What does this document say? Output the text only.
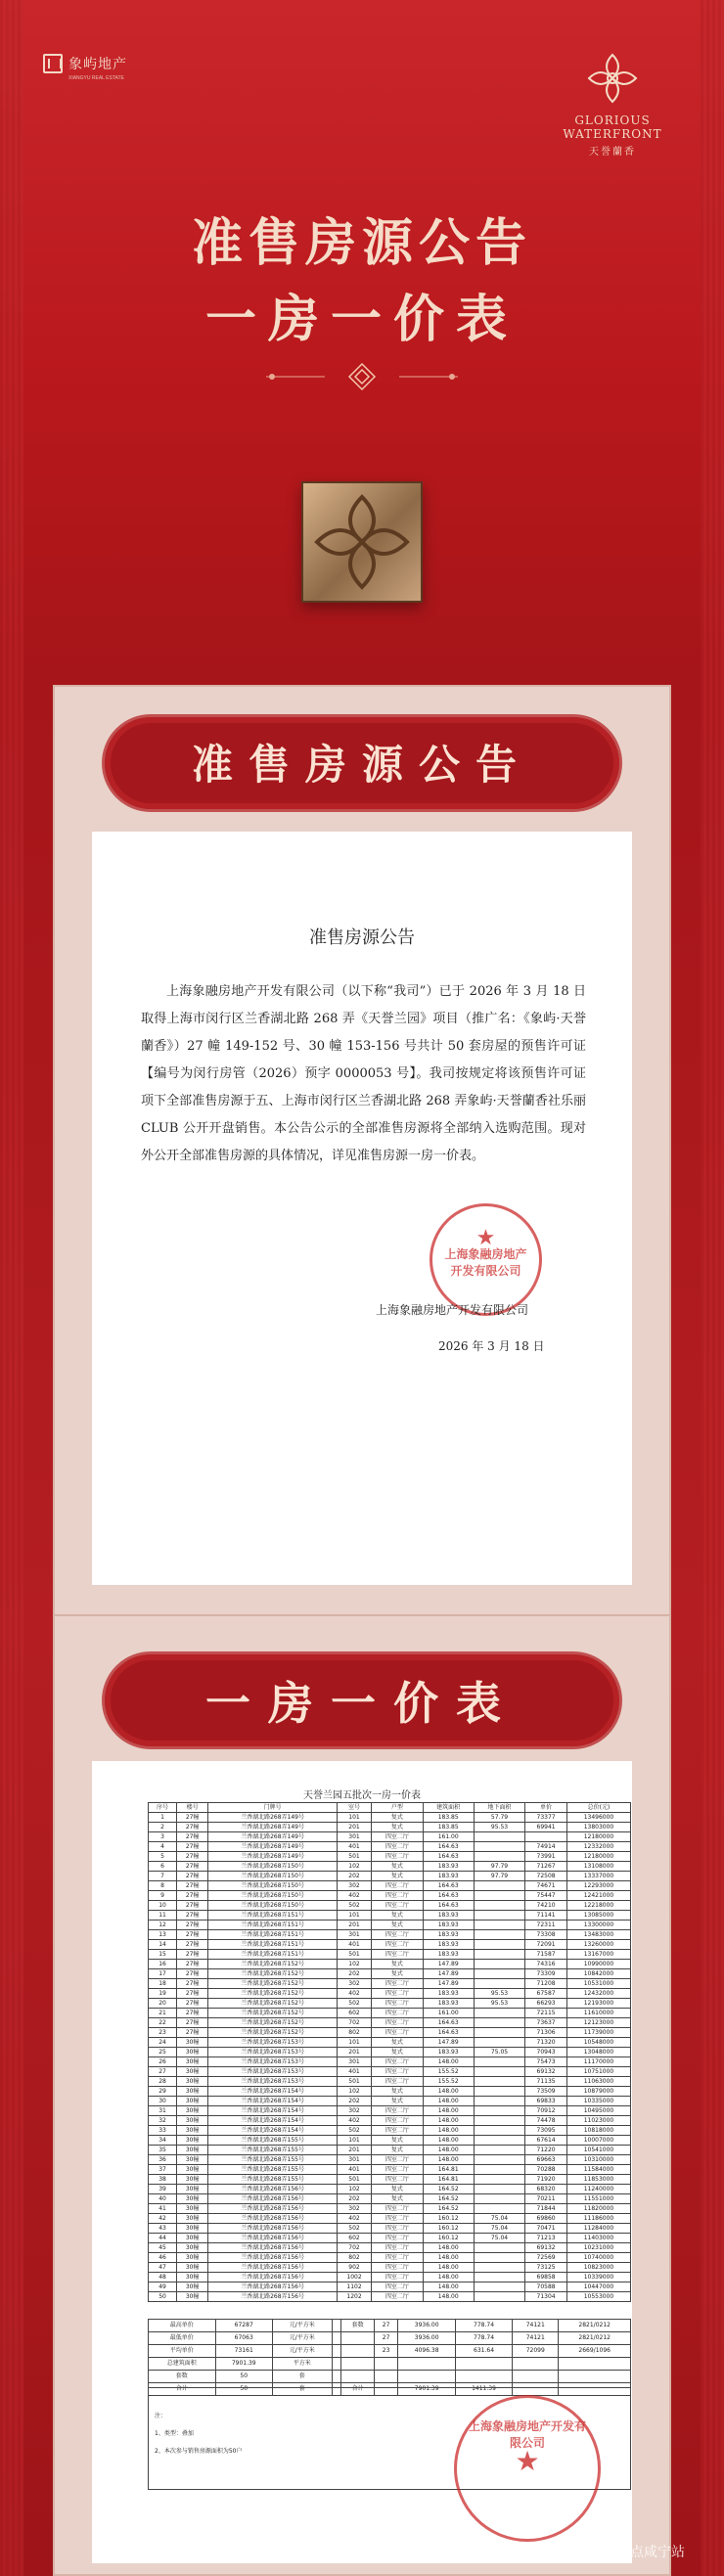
象屿地产
XIANGYU REAL ESTATE
GLORIOUS WATERFRONT
天誉蘭香
准售房源公告
一房一价表
准售房源公告
准售房源公告
上海象融房地产开发有限公司（以下称“我司”）已于 2026 年 3 月 18 日取得上海市闵行区兰香湖北路 268 弄《天誉兰园》项目（推广名：《象屿·天誉蘭香》）27 幢 149-152 号、30 幢 153-156 号共计 50 套房屋的预售许可证【编号为闵行房管（2026）预字 0000053 号】。我司按规定将该预售许可证项下全部准售房源于五、上海市闵行区兰香湖北路 268 弄象屿·天誉蘭香社乐丽 CLUB 公开开盘销售。本公告公示的全部准售房源将全部纳入选购范围。现对外公开全部准售房源的具体情况，详见准售房源一房一价表。
★
上海象融房地产开发有限公司
上海象融房地产开发有限公司
2026 年 3 月 18 日
一房一价表
天誉兰园五批次一房一价表
序号	楼号	门牌号	室号	户型	建筑面积	地下面积	单价	总价(元)
1	27幢	兰香湖北路268弄149号	101	复式	183.85	57.79	73377	13496000
2	27幢	兰香湖北路268弄149号	201	复式	183.85	95.53	69941	13803000
3	27幢	兰香湖北路268弄149号	301	四室二厅	161.00			12180000
4	27幢	兰香湖北路268弄149号	401	四室二厅	164.63		74914	12332000
5	27幢	兰香湖北路268弄149号	501	四室二厅	164.63		73991	12180000
6	27幢	兰香湖北路268弄150号	102	复式	183.93	97.79	71267	13108000
7	27幢	兰香湖北路268弄150号	202	复式	183.93	97.79	72508	13337000
8	27幢	兰香湖北路268弄150号	302	四室二厅	164.63		74671	12293000
9	27幢	兰香湖北路268弄150号	402	四室二厅	164.63		75447	12421000
10	27幢	兰香湖北路268弄150号	502	四室二厅	164.63		74210	12218000
11	27幢	兰香湖北路268弄151号	101	复式	183.93		71141	13085000
12	27幢	兰香湖北路268弄151号	201	复式	183.93		72311	13300000
13	27幢	兰香湖北路268弄151号	301	四室二厅	183.93		73308	13483000
14	27幢	兰香湖北路268弄151号	401	四室二厅	183.93		72091	13260000
15	27幢	兰香湖北路268弄151号	501	四室二厅	183.93		71587	13167000
16	27幢	兰香湖北路268弄152号	102	复式	147.89		74316	10990000
17	27幢	兰香湖北路268弄152号	202	复式	147.89		73309	10842000
18	27幢	兰香湖北路268弄152号	302	四室二厅	147.89		71208	10531000
19	27幢	兰香湖北路268弄152号	402	四室二厅	183.93	95.53	67587	12432000
20	27幢	兰香湖北路268弄152号	502	四室二厅	183.93	95.53	66293	12193000
21	27幢	兰香湖北路268弄152号	602	四室二厅	161.00		72115	11610000
22	27幢	兰香湖北路268弄152号	702	四室二厅	164.63		73637	12123000
23	27幢	兰香湖北路268弄152号	802	四室二厅	164.63		71306	11739000
24	30幢	兰香湖北路268弄153号	101	复式	147.89		71320	10548000
25	30幢	兰香湖北路268弄153号	201	复式	183.93	75.05	70943	13048000
26	30幢	兰香湖北路268弄153号	301	四室二厅	148.00		75473	11170000
27	30幢	兰香湖北路268弄153号	401	四室二厅	155.52		69132	10751000
28	30幢	兰香湖北路268弄153号	501	四室二厅	155.52		71135	11063000
29	30幢	兰香湖北路268弄154号	102	复式	148.00		73509	10879000
30	30幢	兰香湖北路268弄154号	202	复式	148.00		69833	10335000
31	30幢	兰香湖北路268弄154号	302	四室二厅	148.00		70912	10495000
32	30幢	兰香湖北路268弄154号	402	四室二厅	148.00		74478	11023000
33	30幢	兰香湖北路268弄154号	502	四室二厅	148.00		73095	10818000
34	30幢	兰香湖北路268弄155号	101	复式	148.00		67614	10007000
35	30幢	兰香湖北路268弄155号	201	复式	148.00		71220	10541000
36	30幢	兰香湖北路268弄155号	301	四室二厅	148.00		69663	10310000
37	30幢	兰香湖北路268弄155号	401	四室二厅	164.81		70288	11584000
38	30幢	兰香湖北路268弄155号	501	四室二厅	164.81		71920	11853000
39	30幢	兰香湖北路268弄156号	102	复式	164.52		68320	11240000
40	30幢	兰香湖北路268弄156号	202	复式	164.52		70211	11551000
41	30幢	兰香湖北路268弄156号	302	四室二厅	164.52		71844	11820000
42	30幢	兰香湖北路268弄156号	402	四室二厅	160.12	75.04	69860	11186000
43	30幢	兰香湖北路268弄156号	502	四室二厅	160.12	75.04	70471	11284000
44	30幢	兰香湖北路268弄156号	602	四室二厅	160.12	75.04	71213	11403000
45	30幢	兰香湖北路268弄156号	702	四室二厅	148.00		69132	10231000
46	30幢	兰香湖北路268弄156号	802	四室二厅	148.00		72569	10740000
47	30幢	兰香湖北路268弄156号	902	四室二厅	148.00		73125	10823000
48	30幢	兰香湖北路268弄156号	1002	四室二厅	148.00		69858	10339000
49	30幢	兰香湖北路268弄156号	1102	四室二厅	148.00		70588	10447000
50	30幢	兰香湖北路268弄156号	1202	四室二厅	148.00		71304	10553000
最高单价	67287	元/平方米		套数	27	3936.00	778.74	74121	2821/0212
最低单价	67063	元/平方米			27	3936.00	778.74	74121	2821/0212
平均单价	73161	元/平方米			23	4096.38	631.64	72099	2669/1096
总建筑面积	7901.39	平方米							
套数	50	套							
合计	50	套		合计		7901.39	1411.39		
注：
1、类型：叠加
2、本次参与销售房源面积为50户	★
上海象融房地产开发有限公司
公众号：沪上新楼盘
搜狐号@搜狐焦点咸宁站
